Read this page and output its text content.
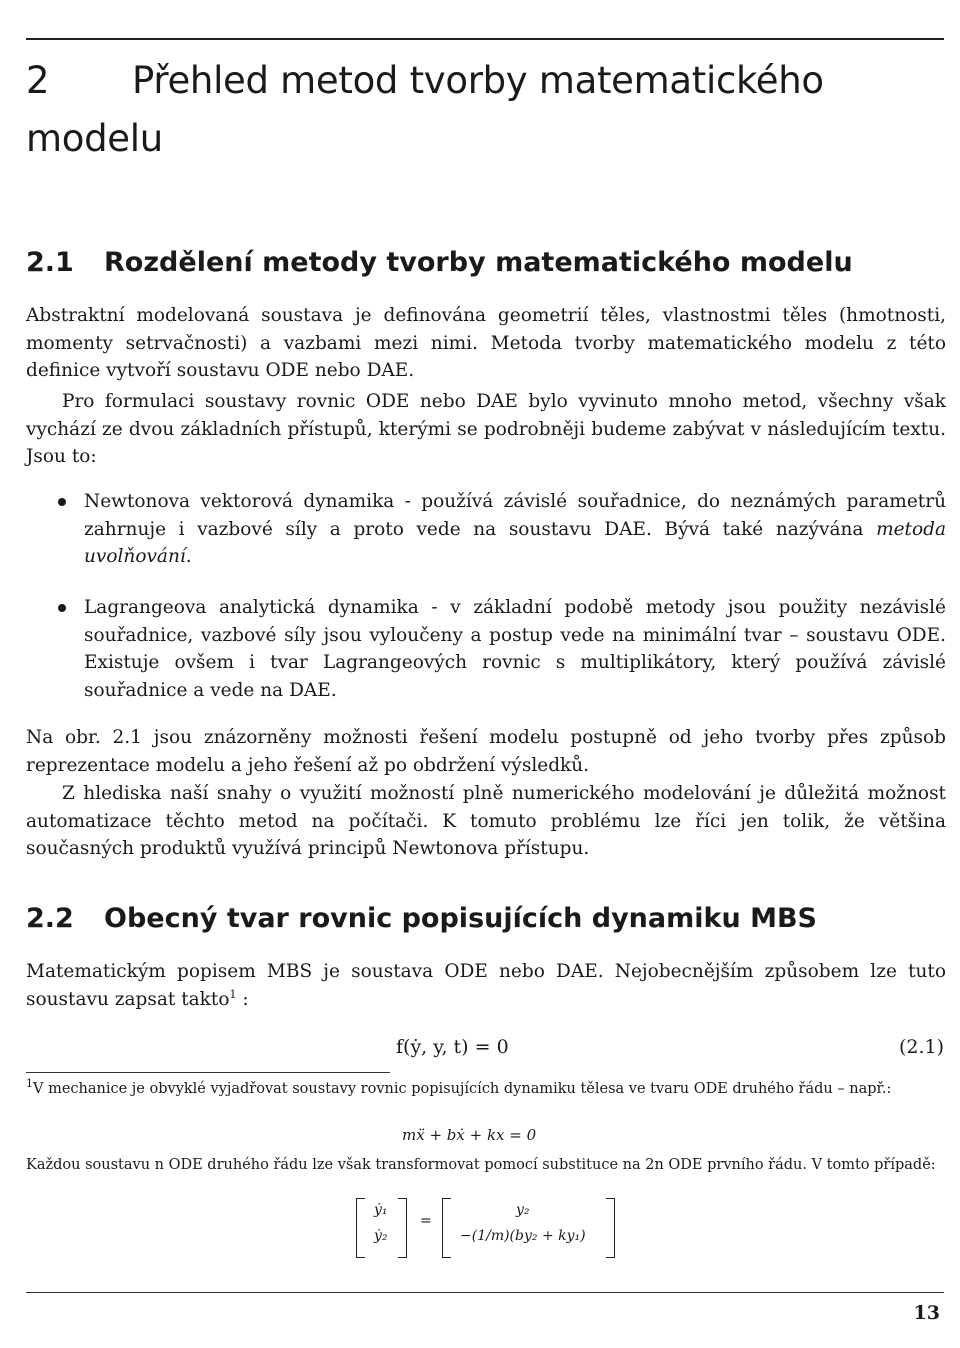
2 Přehled metod tvorby matematického
modelu
2.1 Rozdělení metody tvorby matematického modelu

Abstraktní modelovaná soustava je definována geometrií těles, vlastnostmi těles (hmotnosti, momenty setrvačnosti) a vazbami mezi nimi. Metoda tvorby matematického modelu z této definice vytvoří soustavu ODE nebo DAE.

Pro formulaci soustavy rovnic ODE nebo DAE bylo vyvinuto mnoho metod, všechny však vychází ze dvou základních přístupů, kterými se podrobněji budeme zabývat v následujícím textu. Jsou to:

Newtonova vektorová dynamika - používá závislé souřadnice, do neznámých parametrů zahrnuje i vazbové síly a proto vede na soustavu DAE. Bývá také nazývána metoda uvolňování.

Lagrangeova analytická dynamika - v základní podobě metody jsou použity nezávislé souřadnice, vazbové síly jsou vyloučeny a postup vede na minimální tvar – soustavu ODE. Existuje ovšem i tvar Lagrangeových rovnic s multiplikátory, který používá závislé souřadnice a vede na DAE.

Na obr. 2.1 jsou znázorněny možnosti řešení modelu postupně od jeho tvorby přes způsob reprezentace modelu a jeho řešení až po obdržení výsledků.

Z hlediska naší snahy o využití možností plně numerického modelování je důležitá možnost automatizace těchto metod na počítači. K tomuto problému lze říci jen tolik, že většina současných produktů využívá principů Newtonova přístupu.

2.2 Obecný tvar rovnic popisujících dynamiku MBS

Matematickým popisem MBS je soustava ODE nebo DAE. Nejobecnějším způsobem lze tuto soustavu zapsat takto$^1$ :

f(ẏ, y, t) = 0	(2.1)

$^1$V mechanice je obvyklé vyjadřovat soustavy rovnic popisujících dynamiku tělesa ve tvaru ODE druhého řádu – např.:

mẍ + bẋ + kx = 0

Každou soustavu n ODE druhého řádu lze však transformovat pomocí substituce na 2n ODE prvního řádu. V tomto případě:

ẏ₁
ẏ₂
=
y₂
−(1/m)(by₂ + ky₁)
13
